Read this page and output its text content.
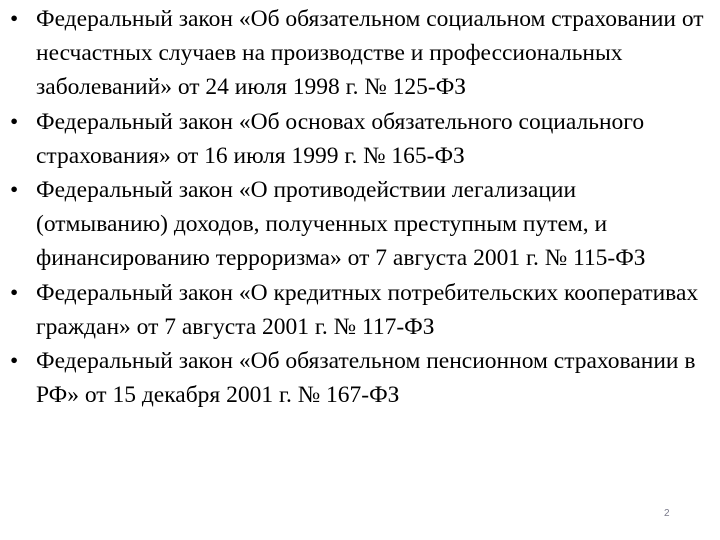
• Федеральный закон «Об обязательном социальном страховании от несчастных случаев на производстве и профессиональных заболеваний» от 24 июля 1998 г. № 125-ФЗ
• Федеральный закон «Об основах обязательного социального страхования» от 16 июля 1999 г. № 165-ФЗ
• Федеральный закон «О противодействии легализации (отмыванию) доходов, полученных преступным путем, и финансированию терроризма» от 7 августа 2001 г. № 115-ФЗ
• Федеральный закон «О кредитных потребительских кооперативах граждан» от 7 августа 2001 г. № 117-ФЗ
• Федеральный закон «Об обязательном пенсионном страховании в РФ» от 15 декабря 2001 г. № 167-ФЗ
2
